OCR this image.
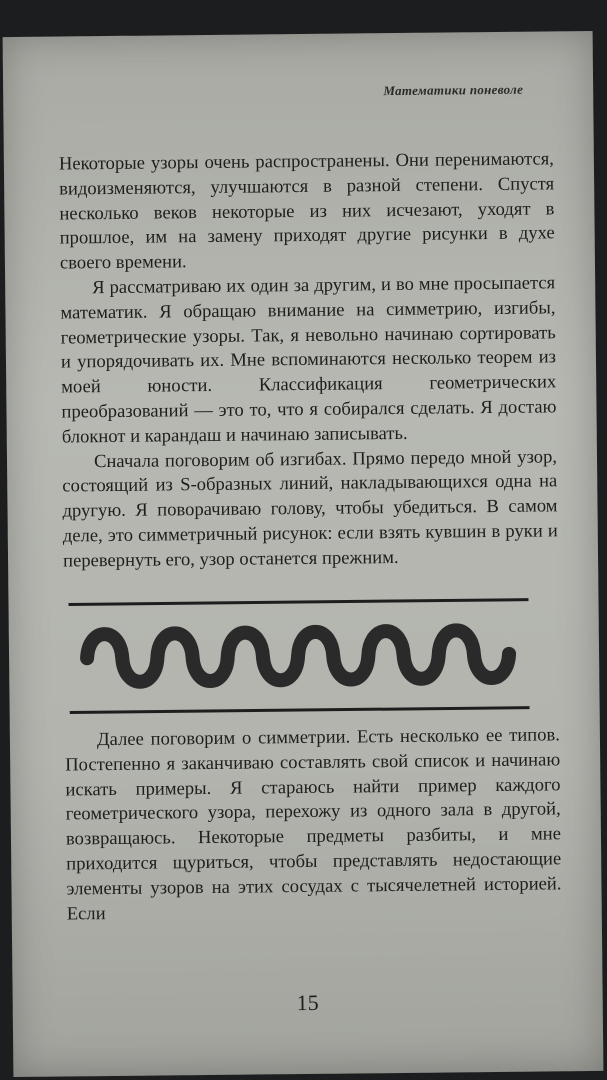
Математики поневоле

Некоторые узоры очень распространены. Они перенимаются, видоизменяются, улучшаются в разной степени. Спустя несколько веков некоторые из них исчезают, уходят в прошлое, им на замену приходят другие рисунки в духе своего времени.

Я рассматриваю их один за другим, и во мне просыпается математик. Я обращаю внимание на симметрию, изгибы, геометрические узоры. Так, я невольно начинаю сортировать и упорядочивать их. Мне вспоминаются несколько теорем из моей юности. Классификация геометрических преобразований — это то, что я собирался сделать. Я достаю блокнот и карандаш и начинаю записывать.

Сначала поговорим об изгибах. Прямо передо мной узор, состоящий из S-образных линий, накладывающихся одна на другую. Я поворачиваю голову, чтобы убедиться. В самом деле, это симметричный рисунок: если взять кувшин в руки и перевернуть его, узор останется прежним.

Далее поговорим о симметрии. Есть несколько ее типов. Постепенно я заканчиваю составлять свой список и начинаю искать примеры. Я стараюсь найти пример каждого геометрического узора, перехожу из одного зала в другой, возвращаюсь. Некоторые предметы разбиты, и мне приходится щуриться, чтобы представлять недостающие элементы узоров на этих сосудах с тысячелетней историей. Если

15
